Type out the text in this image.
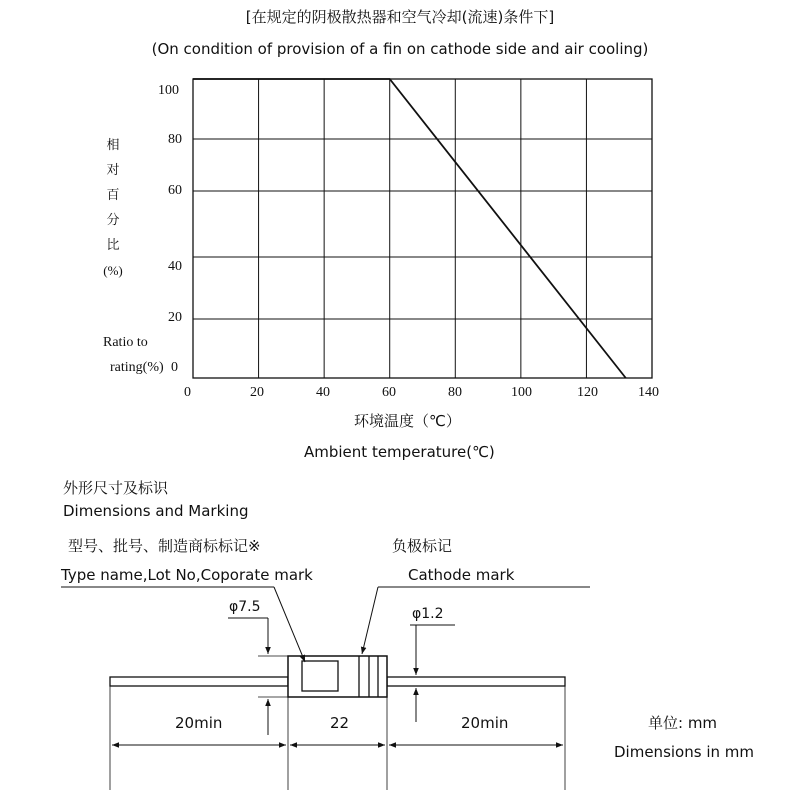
[在规定的阴极散热器和空气冷却(流速)条件下]
(On condition of provision of a fin on cathode side and air cooling)
100
80
60
40
20
0
相
对
百
分
比
(%)
Ratio to
rating(%)
0	20	40	60	80	100	120	140
环境温度（℃）
Ambient temperature(℃)
外形尺寸及标识
Dimensions and Marking
型号、批号、制造商标标记※
Type name,Lot No,Coporate mark
负极标记
Cathode mark
φ7.5	φ1.2
20min	22	20min	单位: mm
Dimensions in mm
